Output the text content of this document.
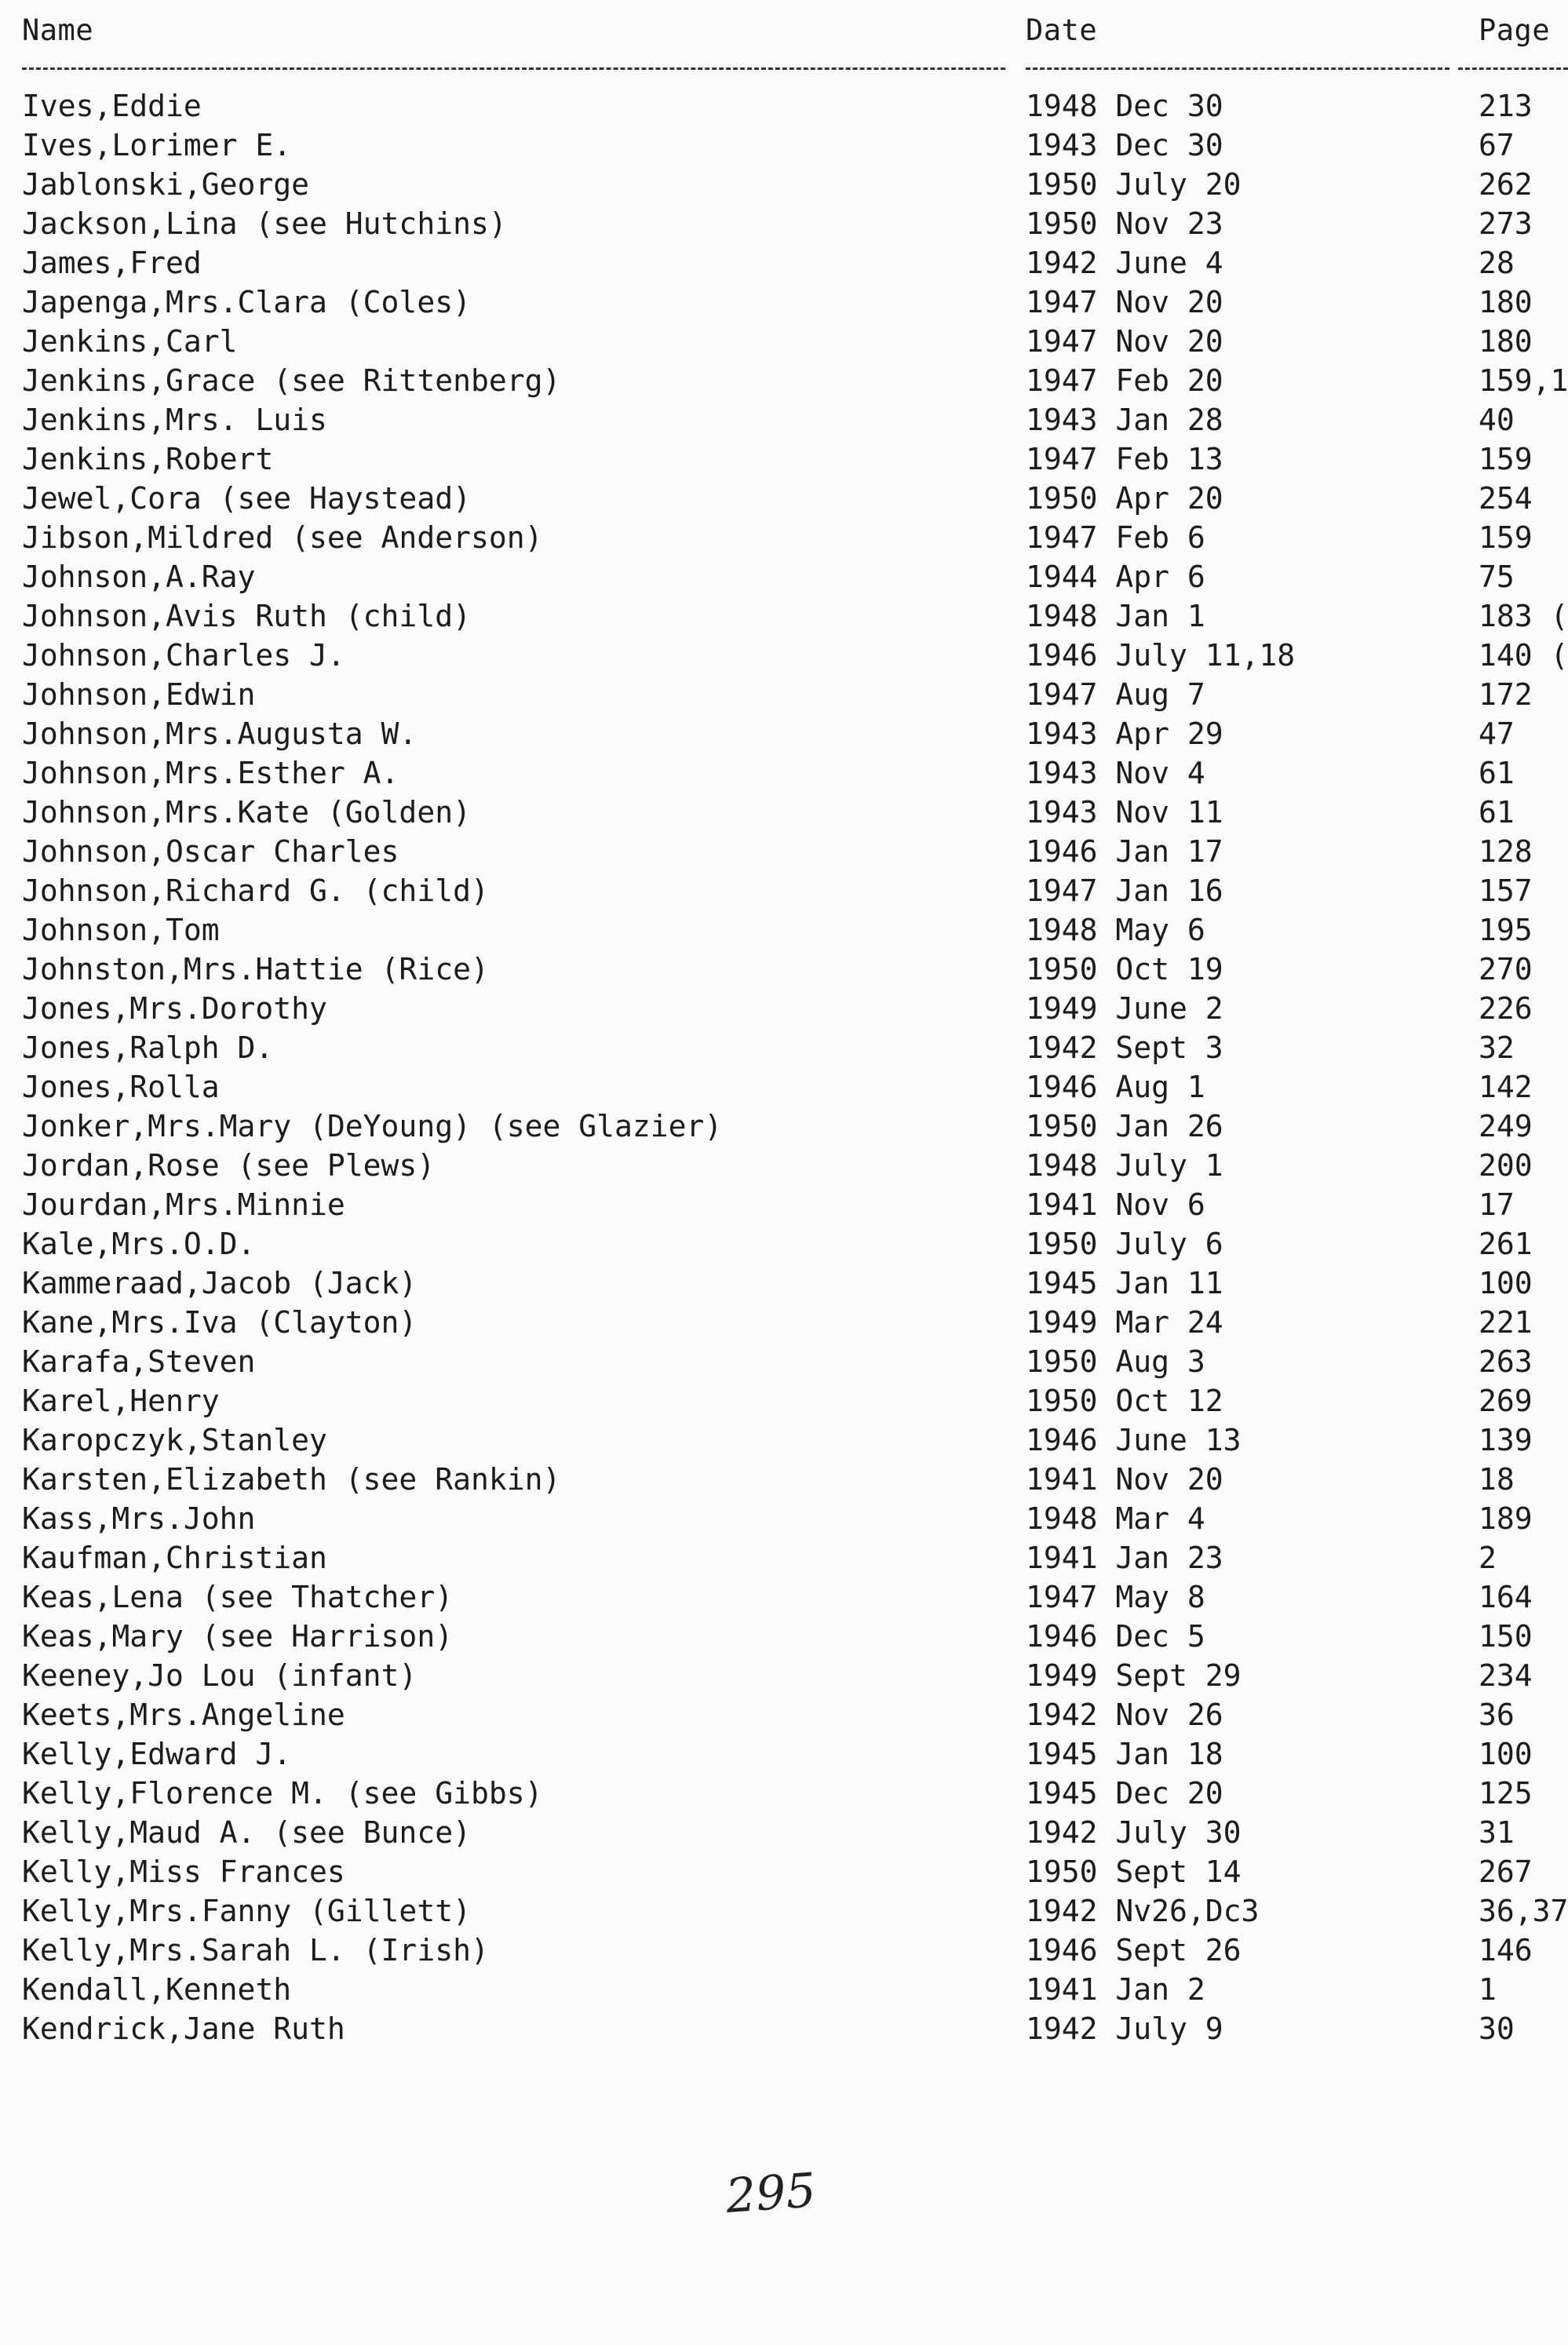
Name	Date	Page
Ives,Eddie	1948 Dec 30	213
Ives,Lorimer E.	1943 Dec 30	67
Jablonski,George	1950 July 20	262
Jackson,Lina (see Hutchins)	1950 Nov 23	273
James,Fred	1942 June 4	28
Japenga,Mrs.Clara (Coles)	1947 Nov 20	180
Jenkins,Carl	1947 Nov 20	180
Jenkins,Grace (see Rittenberg)	1947 Feb 20	159,1
Jenkins,Mrs. Luis	1943 Jan 28	40
Jenkins,Robert	1947 Feb 13	159
Jewel,Cora (see Haystead)	1950 Apr 20	254
Jibson,Mildred (see Anderson)	1947 Feb 6	159
Johnson,A.Ray	1944 Apr 6	75
Johnson,Avis Ruth (child)	1948 Jan 1	183 (
Johnson,Charles J.	1946 July 11,18	140 (
Johnson,Edwin	1947 Aug 7	172
Johnson,Mrs.Augusta W.	1943 Apr 29	47
Johnson,Mrs.Esther A.	1943 Nov 4	61
Johnson,Mrs.Kate (Golden)	1943 Nov 11	61
Johnson,Oscar Charles	1946 Jan 17	128
Johnson,Richard G. (child)	1947 Jan 16	157
Johnson,Tom	1948 May 6	195
Johnston,Mrs.Hattie (Rice)	1950 Oct 19	270
Jones,Mrs.Dorothy	1949 June 2	226
Jones,Ralph D.	1942 Sept 3	32
Jones,Rolla	1946 Aug 1	142
Jonker,Mrs.Mary (DeYoung) (see Glazier)	1950 Jan 26	249
Jordan,Rose (see Plews)	1948 July 1	200
Jourdan,Mrs.Minnie	1941 Nov 6	17
Kale,Mrs.O.D.	1950 July 6	261
Kammeraad,Jacob (Jack)	1945 Jan 11	100
Kane,Mrs.Iva (Clayton)	1949 Mar 24	221
Karafa,Steven	1950 Aug 3	263
Karel,Henry	1950 Oct 12	269
Karopczyk,Stanley	1946 June 13	139
Karsten,Elizabeth (see Rankin)	1941 Nov 20	18
Kass,Mrs.John	1948 Mar 4	189
Kaufman,Christian	1941 Jan 23	2
Keas,Lena (see Thatcher)	1947 May 8	164
Keas,Mary (see Harrison)	1946 Dec 5	150
Keeney,Jo Lou (infant)	1949 Sept 29	234
Keets,Mrs.Angeline	1942 Nov 26	36
Kelly,Edward J.	1945 Jan 18	100
Kelly,Florence M. (see Gibbs)	1945 Dec 20	125
Kelly,Maud A. (see Bunce)	1942 July 30	31
Kelly,Miss Frances	1950 Sept 14	267
Kelly,Mrs.Fanny (Gillett)	1942 Nv26,Dc3	36,37
Kelly,Mrs.Sarah L. (Irish)	1946 Sept 26	146
Kendall,Kenneth	1941 Jan 2	1
Kendrick,Jane Ruth	1942 July 9	30
295
